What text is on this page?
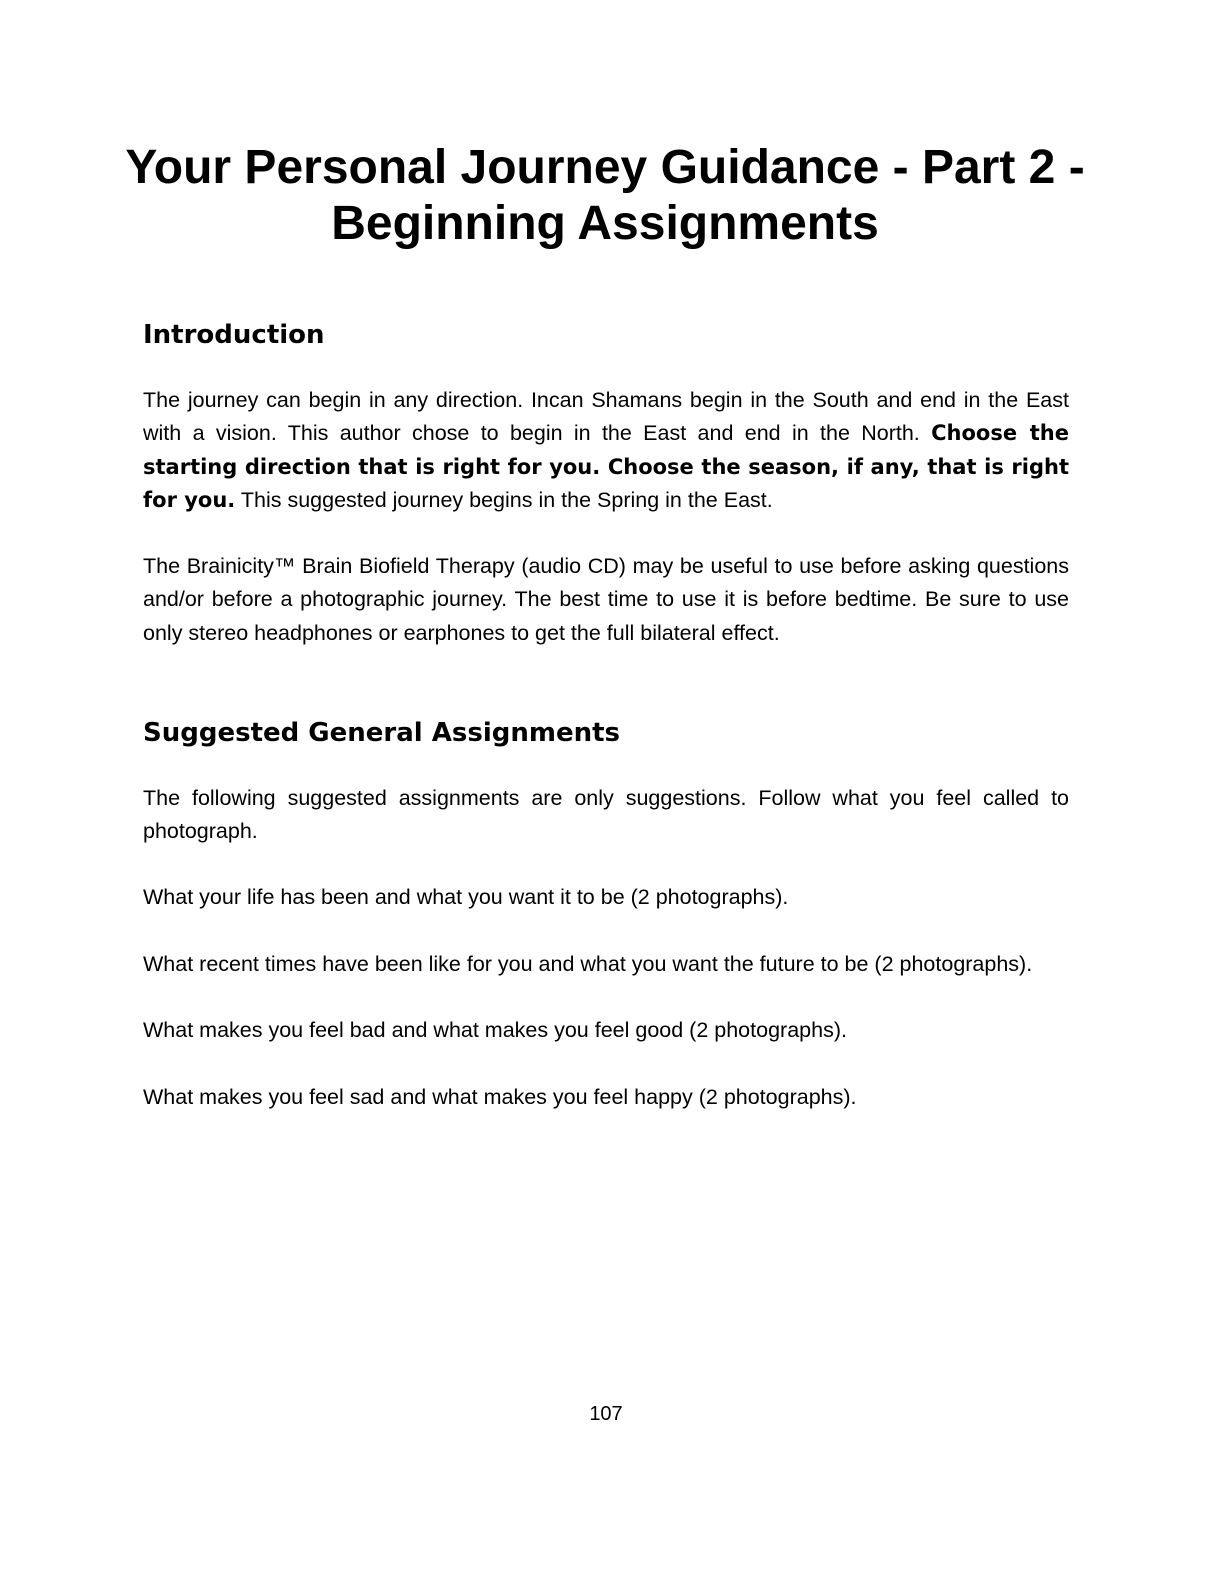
Your Personal Journey Guidance - Part 2 - Beginning Assignments
Introduction

The journey can begin in any direction. Incan Shamans begin in the South and end in the East with a vision. This author chose to begin in the East and end in the North. Choose the starting direction that is right for you. Choose the season, if any, that is right for you. This suggested journey begins in the Spring in the East.

The Brainicity™ Brain Biofield Therapy (audio CD) may be useful to use before asking questions and/or before a photographic journey. The best time to use it is before bedtime. Be sure to use only stereo headphones or earphones to get the full bilateral effect.

Suggested General Assignments

The following suggested assignments are only suggestions. Follow what you feel called to photograph.

What your life has been and what you want it to be (2 photographs).

What recent times have been like for you and what you want the future to be (2 photographs).

What makes you feel bad and what makes you feel good (2 photographs).

What makes you feel sad and what makes you feel happy (2 photographs).

107
